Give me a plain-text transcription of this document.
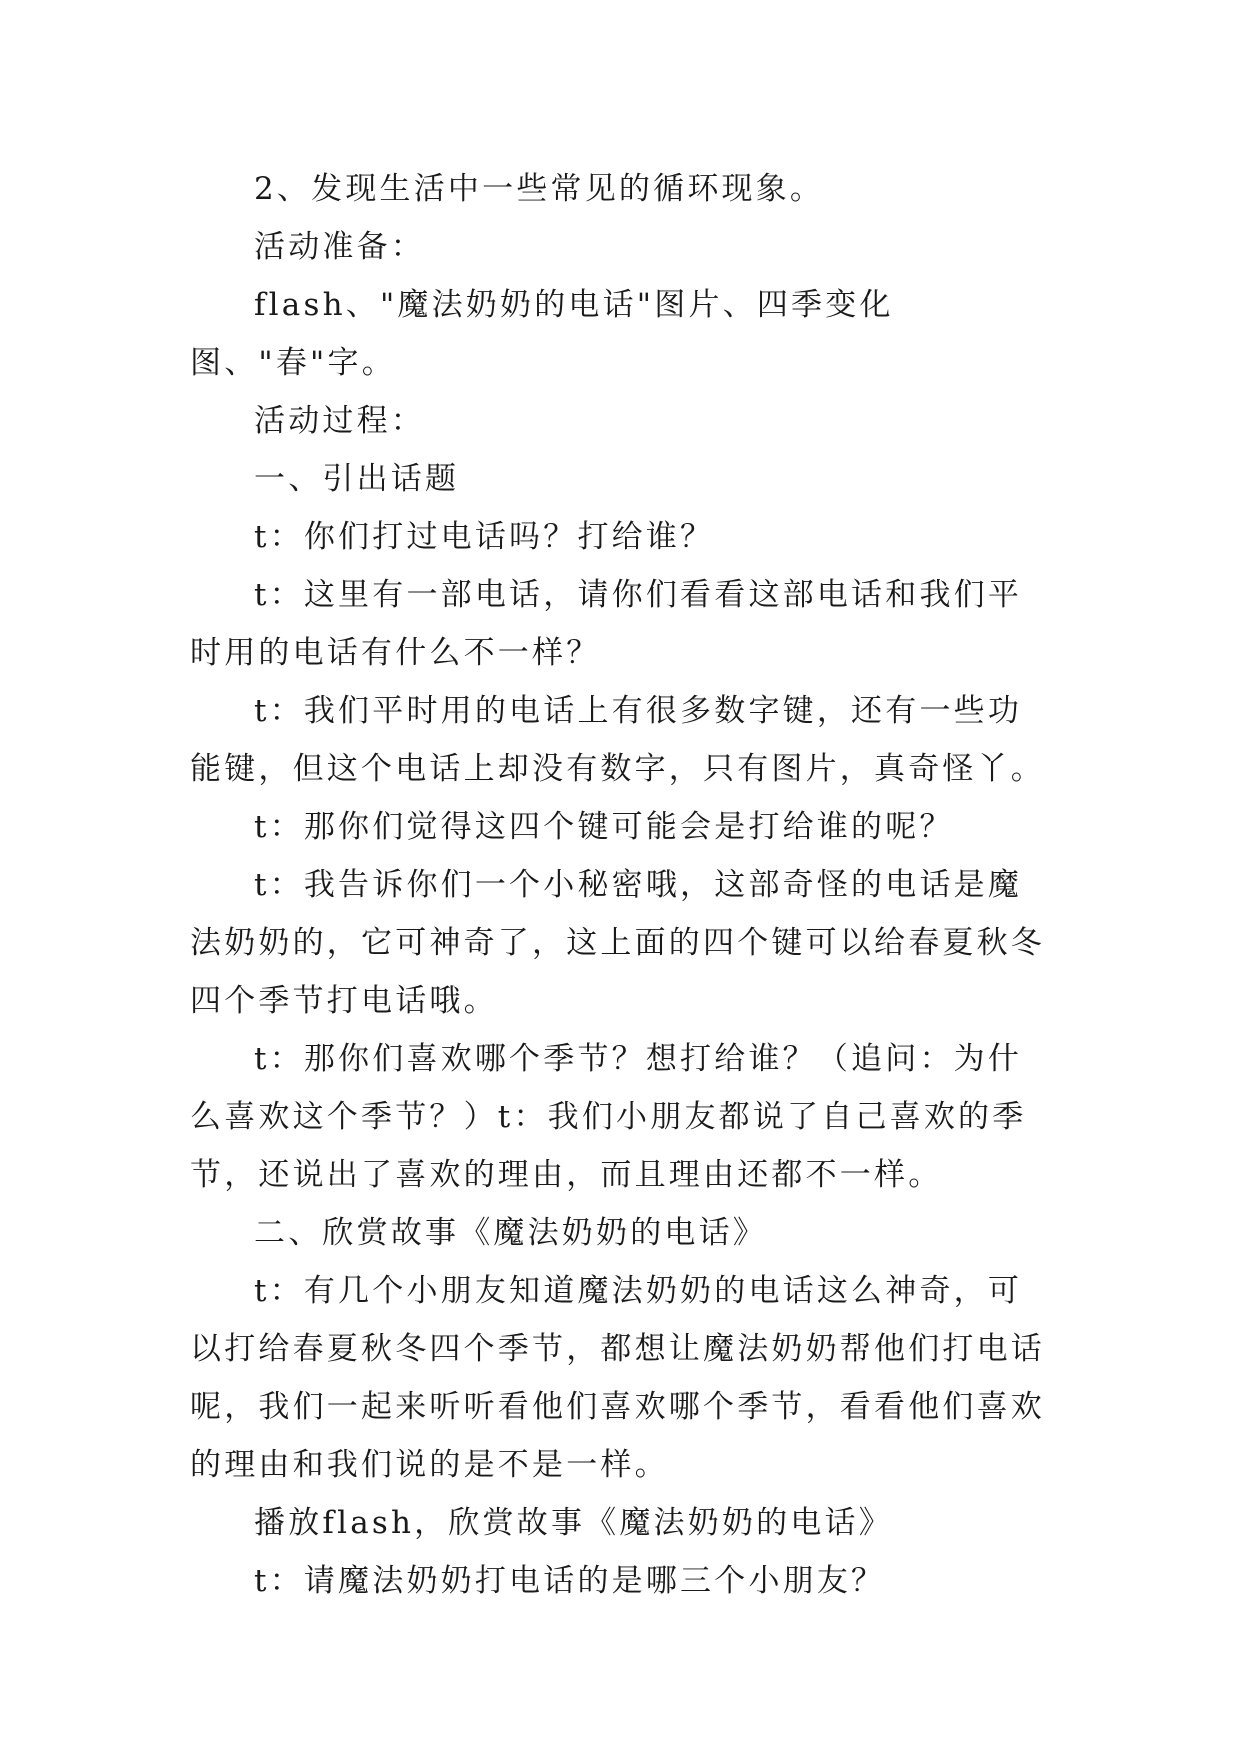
2、发现生活中一些常见的循环现象。

活动准备：

flash、"魔法奶奶的电话"图片、四季变化图、"春"字。

活动过程：

一、引出话题

t：你们打过电话吗？打给谁？

t：这里有一部电话，请你们看看这部电话和我们平时用的电话有什么不一样？

t：我们平时用的电话上有很多数字键，还有一些功能键，但这个电话上却没有数字，只有图片，真奇怪丫。

t：那你们觉得这四个键可能会是打给谁的呢？

t：我告诉你们一个小秘密哦，这部奇怪的电话是魔法奶奶的，它可神奇了，这上面的四个键可以给春夏秋冬四个季节打电话哦。

t：那你们喜欢哪个季节？想打给谁？（追问：为什么喜欢这个季节？）t：我们小朋友都说了自己喜欢的季节，还说出了喜欢的理由，而且理由还都不一样。

二、欣赏故事《魔法奶奶的电话》

t：有几个小朋友知道魔法奶奶的电话这么神奇，可以打给春夏秋冬四个季节，都想让魔法奶奶帮他们打电话呢，我们一起来听听看他们喜欢哪个季节，看看他们喜欢的理由和我们说的是不是一样。

播放flash，欣赏故事《魔法奶奶的电话》

t：请魔法奶奶打电话的是哪三个小朋友？
